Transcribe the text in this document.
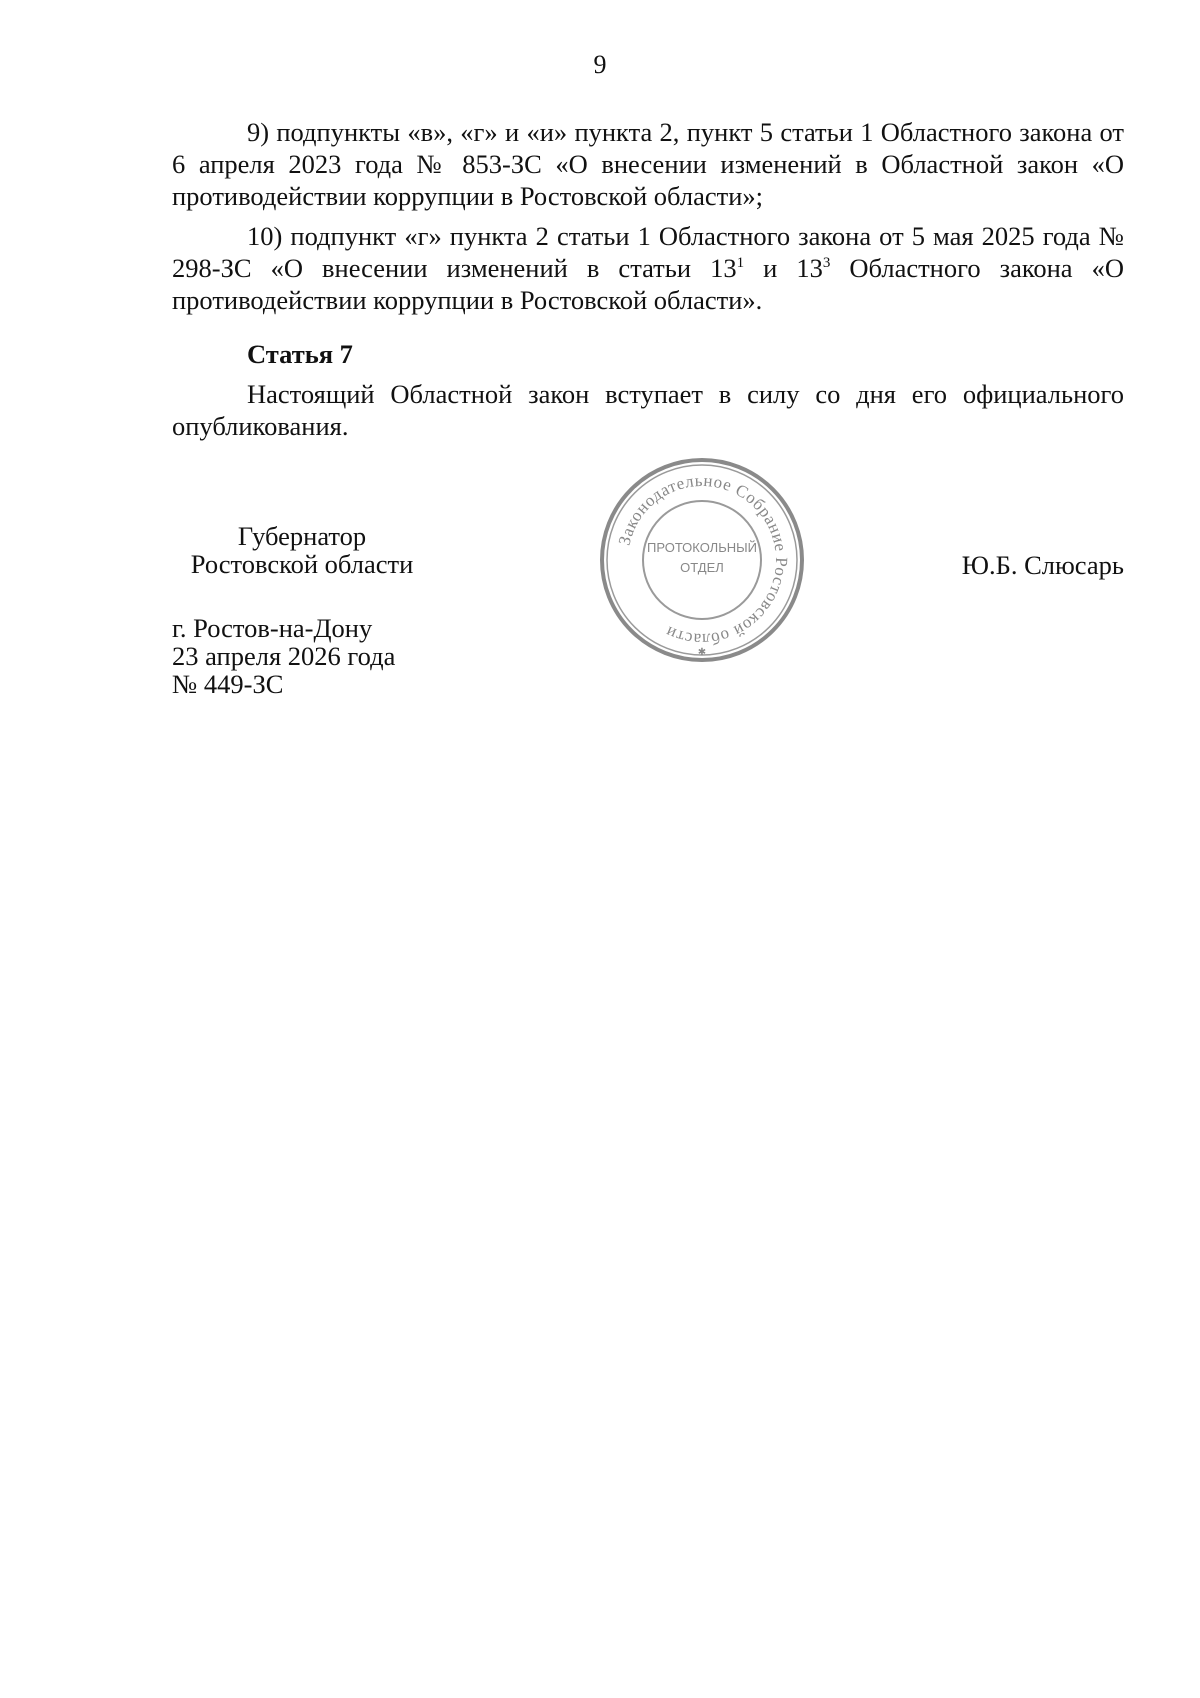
9

9) подпункты «в», «г» и «и» пункта 2, пункт 5 статьи 1 Областного закона от 6 апреля 2023 года № 853-ЗС «О внесении изменений в Областной закон «О противодействии коррупции в Ростовской области»;

10) подпункт «г» пункта 2 статьи 1 Областного закона от 5 мая 2025 года № 298-ЗС «О внесении изменений в статьи $13^1$ и $13^3$ Областного закона «О противодействии коррупции в Ростовской области».

Статья 7

Настоящий Областной закон вступает в силу со дня его официального опубликования.

Губернатор
Ростовской области	Ю.Б. Слюсарь
г. Ростов-на-Дону
23 апреля 2026 года
№ 449-ЗС
Законодательное Собрание Ростовской области
ПРОТОКОЛЬНЫЙ
ОТДЕЛ
✱
